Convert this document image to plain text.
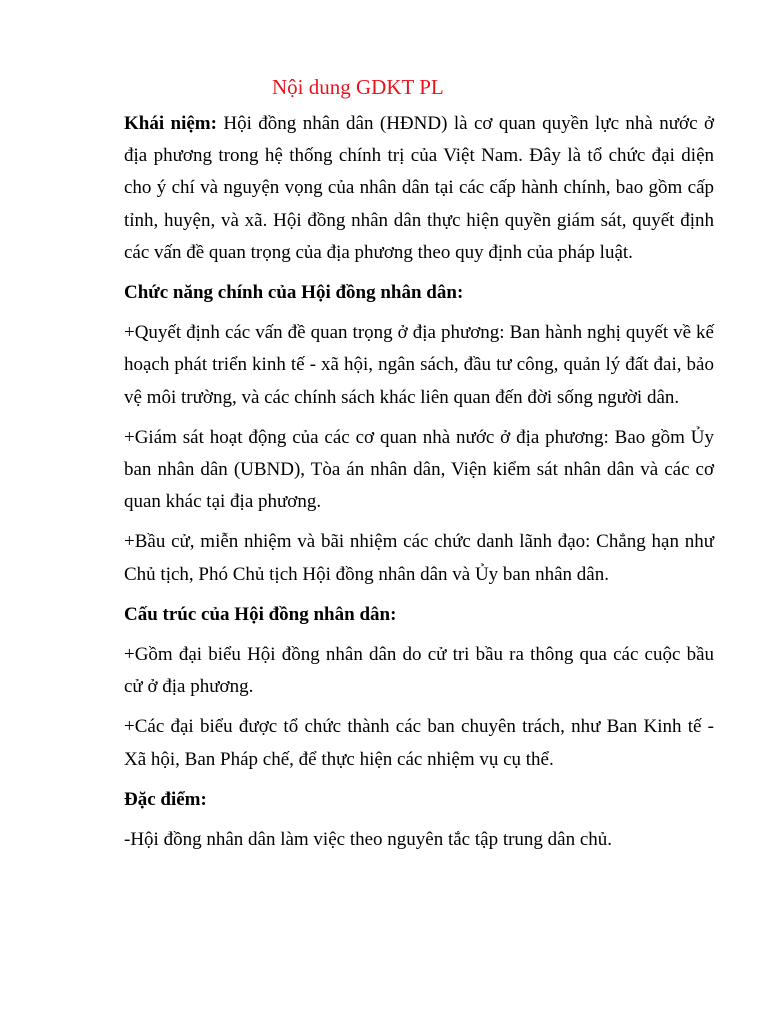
Nội dung GDKT PL

Khái niệm: Hội đồng nhân dân (HĐND) là cơ quan quyền lực nhà nước ở địa phương trong hệ thống chính trị của Việt Nam. Đây là tổ chức đại diện cho ý chí và nguyện vọng của nhân dân tại các cấp hành chính, bao gồm cấp tỉnh, huyện, và xã. Hội đồng nhân dân thực hiện quyền giám sát, quyết định các vấn đề quan trọng của địa phương theo quy định của pháp luật.

Chức năng chính của Hội đồng nhân dân:

+Quyết định các vấn đề quan trọng ở địa phương: Ban hành nghị quyết về kế hoạch phát triển kinh tế - xã hội, ngân sách, đầu tư công, quản lý đất đai, bảo vệ môi trường, và các chính sách khác liên quan đến đời sống người dân.

+Giám sát hoạt động của các cơ quan nhà nước ở địa phương: Bao gồm Ủy ban nhân dân (UBND), Tòa án nhân dân, Viện kiểm sát nhân dân và các cơ quan khác tại địa phương.

+Bầu cử, miễn nhiệm và bãi nhiệm các chức danh lãnh đạo: Chẳng hạn như Chủ tịch, Phó Chủ tịch Hội đồng nhân dân và Ủy ban nhân dân.

Cấu trúc của Hội đồng nhân dân:

+Gồm đại biểu Hội đồng nhân dân do cử tri bầu ra thông qua các cuộc bầu cử ở địa phương.

+Các đại biểu được tổ chức thành các ban chuyên trách, như Ban Kinh tế - Xã hội, Ban Pháp chế, để thực hiện các nhiệm vụ cụ thể.

Đặc điểm:

-Hội đồng nhân dân làm việc theo nguyên tắc tập trung dân chủ.
